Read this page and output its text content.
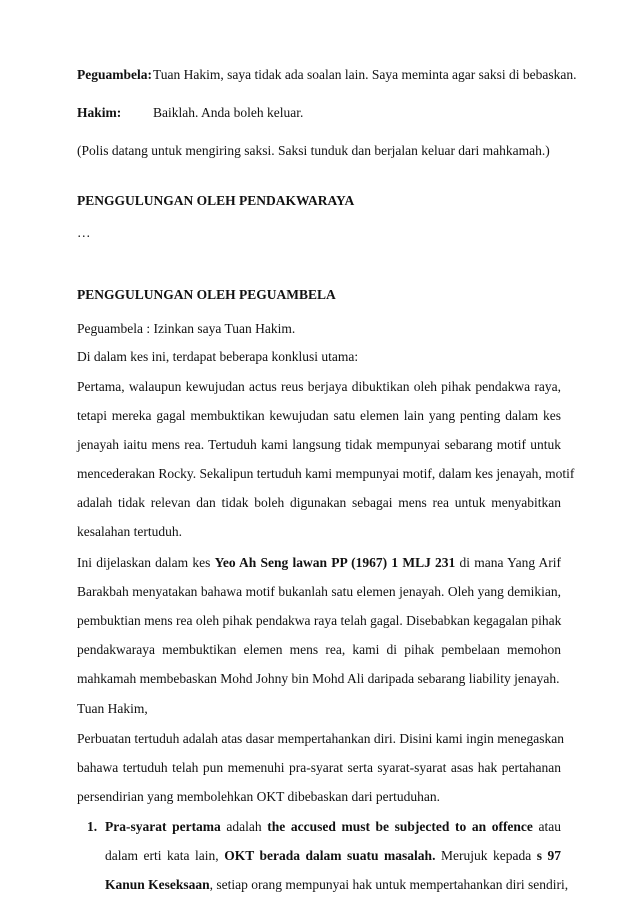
Peguambela:Tuan Hakim, saya tidak ada soalan lain. Saya meminta agar saksi di bebaskan.
Hakim: Baiklah. Anda boleh keluar.
(Polis datang untuk mengiring saksi. Saksi tunduk dan berjalan keluar dari mahkamah.)
PENGGULUNGAN OLEH PENDAKWARAYA
…
PENGGULUNGAN OLEH PEGUAMBELA
Peguambela : Izinkan saya Tuan Hakim.
Di dalam kes ini, terdapat beberapa konklusi utama:
Pertama, walaupun kewujudan actus reus berjaya dibuktikan oleh pihak pendakwa raya,
tetapi mereka gagal membuktikan kewujudan satu elemen lain yang penting dalam kes
jenayah iaitu mens rea. Tertuduh kami langsung tidak mempunyai sebarang motif untuk
mencederakan Rocky. Sekalipun tertuduh kami mempunyai motif, dalam kes jenayah, motif
adalah tidak relevan dan tidak boleh digunakan sebagai mens rea untuk menyabitkan
kesalahan tertuduh.
Ini dijelaskan dalam kes Yeo Ah Seng lawan PP (1967) 1 MLJ 231 di mana Yang Arif
Barakbah menyatakan bahawa motif bukanlah satu elemen jenayah. Oleh yang demikian,
pembuktian mens rea oleh pihak pendakwa raya telah gagal. Disebabkan kegagalan pihak
pendakwaraya membuktikan elemen mens rea, kami di pihak pembelaan memohon
mahkamah membebaskan Mohd Johny bin Mohd Ali daripada sebarang liability jenayah.
Tuan Hakim,
Perbuatan tertuduh adalah atas dasar mempertahankan diri. Disini kami ingin menegaskan
bahawa tertuduh telah pun memenuhi pra-syarat serta syarat-syarat asas hak pertahanan
persendirian yang membolehkan OKT dibebaskan dari pertuduhan.
1. Pra-syarat pertama adalah the accused must be subjected to an offence atau
dalam erti kata lain, OKT berada dalam suatu masalah. Merujuk kepada s 97
Kanun Keseksaan, setiap orang mempunyai hak untuk mempertahankan diri sendiri,
